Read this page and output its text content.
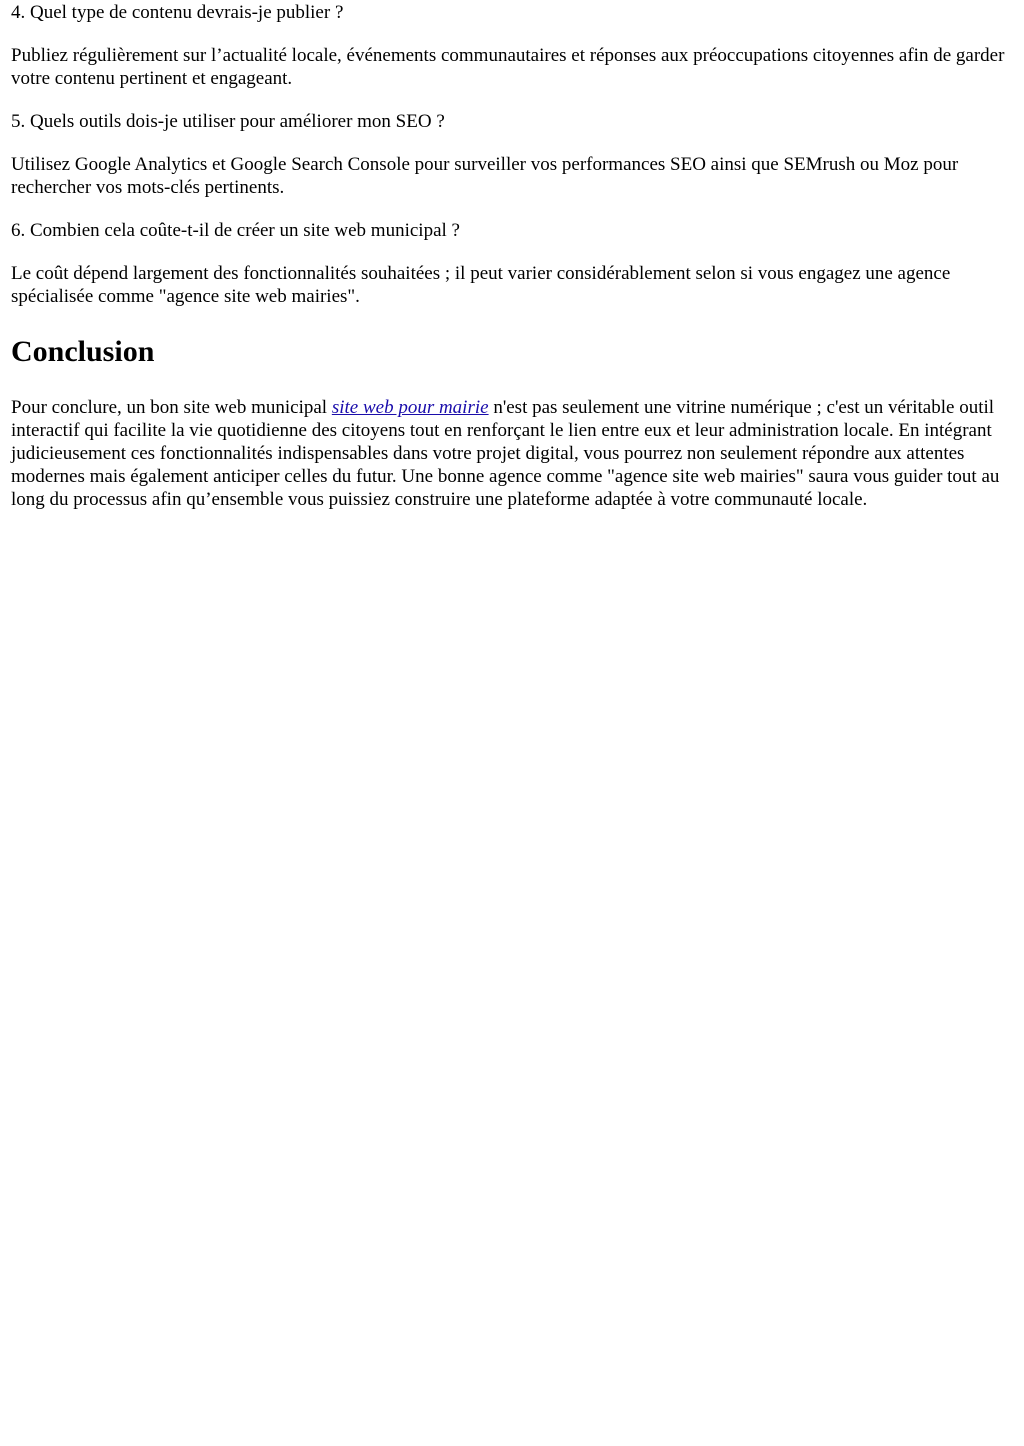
4. Quel type de contenu devrais-je publier ?

Publiez régulièrement sur l’actualité locale, événements communautaires et réponses aux préoccupations citoyennes afin de garder votre contenu pertinent et engageant.

5. Quels outils dois-je utiliser pour améliorer mon SEO ?

Utilisez Google Analytics et Google Search Console pour surveiller vos performances SEO ainsi que SEMrush ou Moz pour rechercher vos mots-clés pertinents.

6. Combien cela coûte-t-il de créer un site web municipal ?

Le coût dépend largement des fonctionnalités souhaitées ; il peut varier considérablement selon si vous engagez une agence spécialisée comme "agence site web mairies".

Conclusion

Pour conclure, un bon site web municipal site web pour mairie n'est pas seulement une vitrine numérique ; c'est un véritable outil interactif qui facilite la vie quotidienne des citoyens tout en renforçant le lien entre eux et leur administration locale. En intégrant judicieusement ces fonctionnalités indispensables dans votre projet digital, vous pourrez non seulement répondre aux attentes modernes mais également anticiper celles du futur. Une bonne agence comme "agence site web mairies" saura vous guider tout au long du processus afin qu’ensemble vous puissiez construire une plateforme adaptée à votre communauté locale.
